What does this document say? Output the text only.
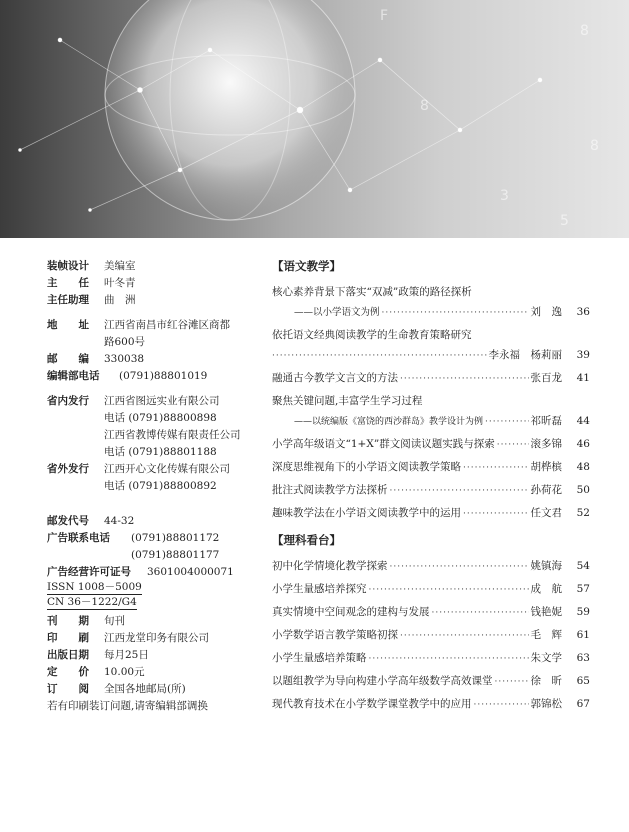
8
F
3
5
8
8
装帧设计	美编室
主　　任	叶冬青
主任助理	曲　洲
地　　址	江西省南昌市红谷滩区商都
路600号
邮　　编	330038
编辑部电话	(0791)88801019
省内发行	江西省图远实业有限公司
电话 (0791)88800898
江西省教博传媒有限责任公司
电话 (0791)88801188
省外发行	江西开心文化传媒有限公司
电话 (0791)88800892
邮发代号	44-32
广告联系电话	(0791)88801172
(0791)88801177
广告经营许可证号	3601004000071
ISSN 1008－5009
CN 36－1222/G4
刊　　期	旬刊
印　　刷	江西龙堂印务有限公司
出版日期	每月25日
定　　价	10.00元
订　　阅	全国各地邮局(所)
若有印刷装订问题,请寄编辑部调换
【语文教学】
核心素养背景下落实“双减”政策的路径探析
——以小学语文为例 ·····	刘　逸	36
依托语文经典阅读教学的生命教育策略研究
·····
李永福　杨莉丽	39
融通古今教学文言文的方法 ·····	张百龙	41
聚焦关键问题,丰富学生学习过程
——以统编版《富饶的西沙群岛》教学设计为例 ·····	祁昕磊	44
小学高年级语文“1+X”群文阅读议题实践与探索 ·····	滚多锦	46
深度思维视角下的小学语文阅读教学策略 ·····	胡桦槟	48
批注式阅读教学方法探析 ·····	孙荷花	50
趣味教学法在小学语文阅读教学中的运用 ·····	任文君	52
【理科看台】
初中化学情境化教学探索 ·····	姚镇海	54
小学生量感培养探究 ·····	成　航	57
真实情境中空间观念的建构与发展 ·····	钱艳妮	59
小学数学语言教学策略初探 ·····	毛　辉	61
小学生量感培养策略 ·····	朱文学	63
以题组教学为导向构建小学高年级数学高效课堂 ·····	徐　昕	65
现代教育技术在小学数学课堂教学中的应用 ·····	郭锦松	67
